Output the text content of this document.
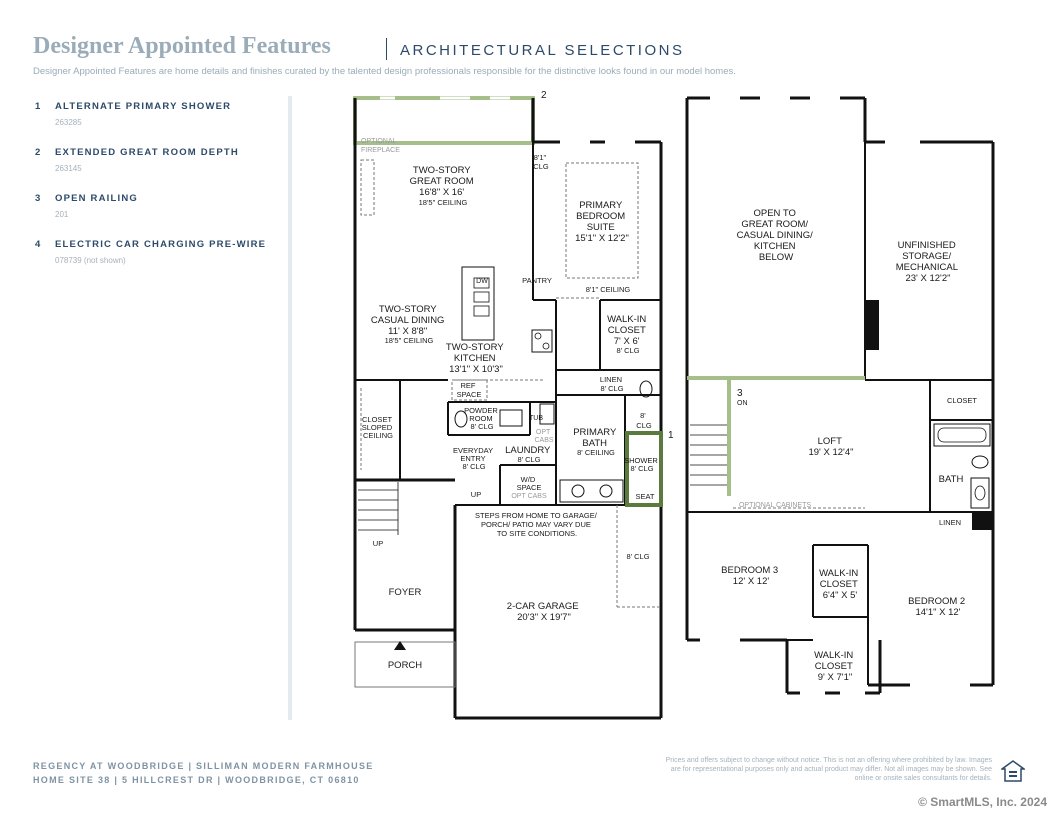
Designer Appointed Features	ARCHITECTURAL SELECTIONS
Designer Appointed Features are home details and finishes curated by the talented design professionals responsible for the distinctive looks found in our model homes.
1 ALTERNATE PRIMARY SHOWER
263285
2 EXTENDED GREAT ROOM DEPTH
263145
3 OPEN RAILING
201
4 ELECTRIC CAR CHARGING PRE-WIRE
078739 (not shown)
2
1
OPTIONAL FIREPLACE
TWO-STORY GREAT ROOM 16'8" X 16' 18'5" CEILING
8'1" CLG
PRIMARY BEDROOM SUITE 15'1" X 12'2"
8'1" CEILING
PANTRY
DW
TWO-STORY CASUAL DINING 11' X 8'8" 18'5" CEILING
TWO-STORY KITCHEN 13'1" X 10'3"
WALK-IN CLOSET 7' X 6' 8' CLG
LINEN 8' CLG
REF SPACE
POWDER ROOM 8' CLG
TUB
OPT CABS
8' CLG
CLOSET SLOPED CEILING	PRIMARY BATH 8' CEILING
SHOWER 8' CLG
EVERYDAY ENTRY 8' CLG
LAUNDRY 8' CLG
W/D SPACE
OPT CABS	SEAT
UP
UP
STEPS FROM HOME TO GARAGE/ PORCH/ PATIO MAY VARY DUE TO SITE CONDITIONS.
8' CLG
FOYER
2-CAR GARAGE 20'3" X 19'7"
PORCH
3
ON
OPEN TO GREAT ROOM/ CASUAL DINING/ KITCHEN BELOW
UNFINISHED STORAGE/ MECHANICAL 23' X 12'2"
CLOSET
LOFT 19' X 12'4"
BATH
LINEN
OPTIONAL CABINETS
BEDROOM 3 12' X 12'
WALK-IN CLOSET 6'4" X 5'
BEDROOM 2 14'1" X 12'
WALK-IN CLOSET 9' X 7'1"
REGENCY AT WOODBRIDGE | SILLIMAN MODERN FARMHOUSE
HOME SITE 38 | 5 HILLCREST DR | WOODBRIDGE, CT 06810
Prices and offers subject to change without notice. This is not an offering where prohibited by law. Images are for representational purposes only and actual product may differ. Not all images may be shown. See online or onsite sales consultants for details.
© SmartMLS, Inc. 2024
